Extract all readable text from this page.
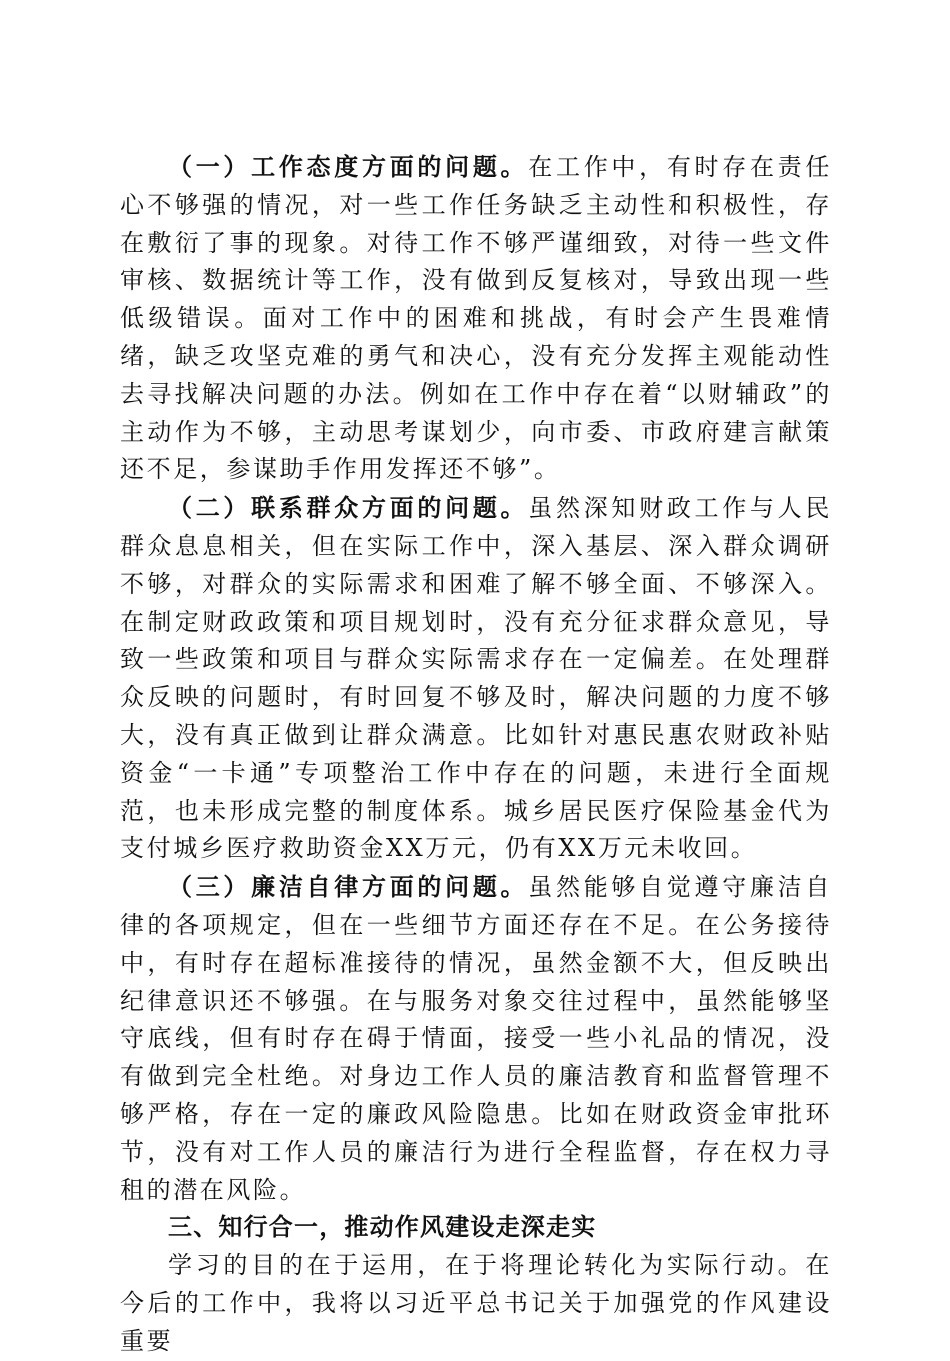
（一）工作态度方面的问题。在工作中，有时存在责任心不够强的情况，对一些工作任务缺乏主动性和积极性，存在敷衍了事的现象。对待工作不够严谨细致，对待一些文件审核、数据统计等工作，没有做到反复核对，导致出现一些低级错误。面对工作中的困难和挑战，有时会产生畏难情绪，缺乏攻坚克难的勇气和决心，没有充分发挥主观能动性去寻找解决问题的办法。例如在工作中存在着“以财辅政”的主动作为不够，主动思考谋划少，向市委、市政府建言献策还不足，参谋助手作用发挥还不够”。

（二）联系群众方面的问题。虽然深知财政工作与人民群众息息相关，但在实际工作中，深入基层、深入群众调研不够，对群众的实际需求和困难了解不够全面、不够深入。在制定财政政策和项目规划时，没有充分征求群众意见，导致一些政策和项目与群众实际需求存在一定偏差。在处理群众反映的问题时，有时回复不够及时，解决问题的力度不够大，没有真正做到让群众满意。比如针对惠民惠农财政补贴资金“一卡通”专项整治工作中存在的问题，未进行全面规范，也未形成完整的制度体系。城乡居民医疗保险基金代为支付城乡医疗救助资金XX万元，仍有XX万元未收回。

（三）廉洁自律方面的问题。虽然能够自觉遵守廉洁自律的各项规定，但在一些细节方面还存在不足。在公务接待中，有时存在超标准接待的情况，虽然金额不大，但反映出纪律意识还不够强。在与服务对象交往过程中，虽然能够坚守底线，但有时存在碍于情面，接受一些小礼品的情况，没有做到完全杜绝。对身边工作人员的廉洁教育和监督管理不够严格，存在一定的廉政风险隐患。比如在财政资金审批环节，没有对工作人员的廉洁行为进行全程监督，存在权力寻租的潜在风险。

三、知行合一，推动作风建设走深走实

学习的目的在于运用，在于将理论转化为实际行动。在今后的工作中，我将以习近平总书记关于加强党的作风建设重要
